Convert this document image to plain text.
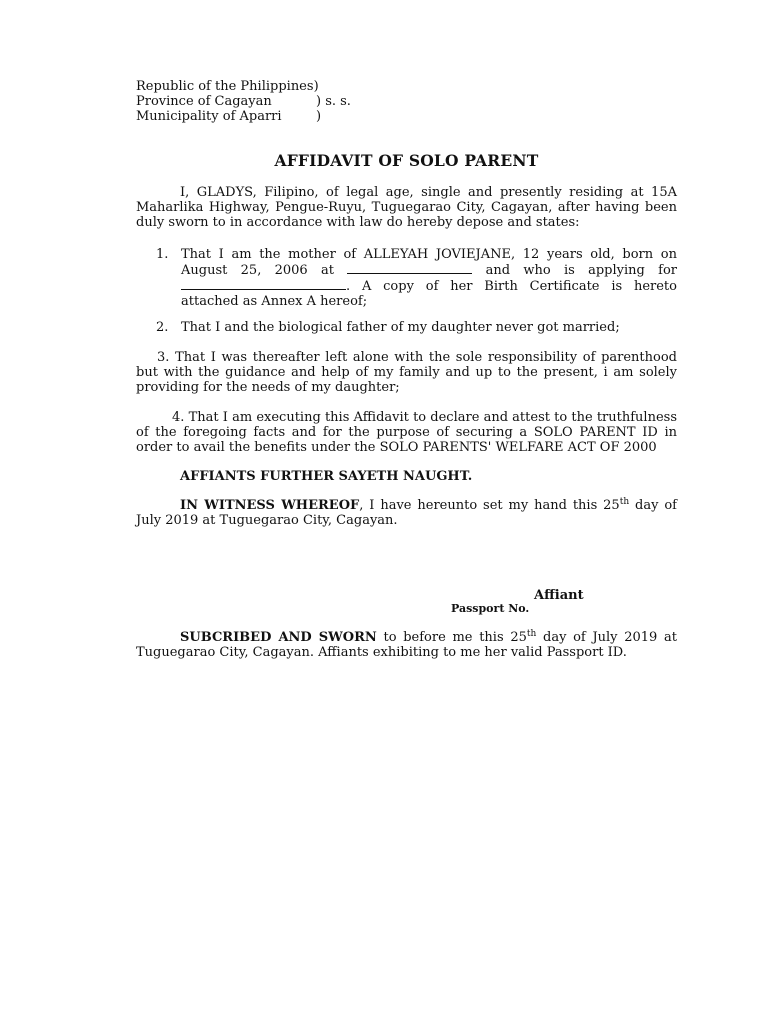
Republic of the Philippines)
Province of Cagayan	) s. s.
Municipality of Aparri	)
AFFIDAVIT OF SOLO PARENT

I, GLADYS, Filipino, of legal age, single and presently residing at 15A Maharlika Highway, Pengue-Ruyu, Tuguegarao City, Cagayan, after having been duly sworn to in accordance with law do hereby depose and states:

1. That I am the mother of ALLEYAH JOVIEJANE, 12 years old, born on August 25, 2006 at	and who is applying for . A copy of her Birth Certificate is hereto attached as Annex A hereof;
2. That I and the biological father of my daughter never got married;

3. That I was thereafter left alone with the sole responsibility of parenthood but with the guidance and help of my family and up to the present, i am solely providing for the needs of my daughter;

4. That I am executing this Affidavit to declare and attest to the truthfulness of the foregoing facts and for the purpose of securing a SOLO PARENT ID in order to avail the benefits under the SOLO PARENTS' WELFARE ACT OF 2000

AFFIANTS FURTHER SAYETH NAUGHT.

IN WITNESS WHEREOF, I have hereunto set my hand this 25th day of July 2019 at Tuguegarao City, Cagayan.

Affiant
Passport No.

SUBCRIBED AND SWORN to before me this 25th day of July 2019 at Tuguegarao City, Cagayan. Affiants exhibiting to me her valid Passport ID.
